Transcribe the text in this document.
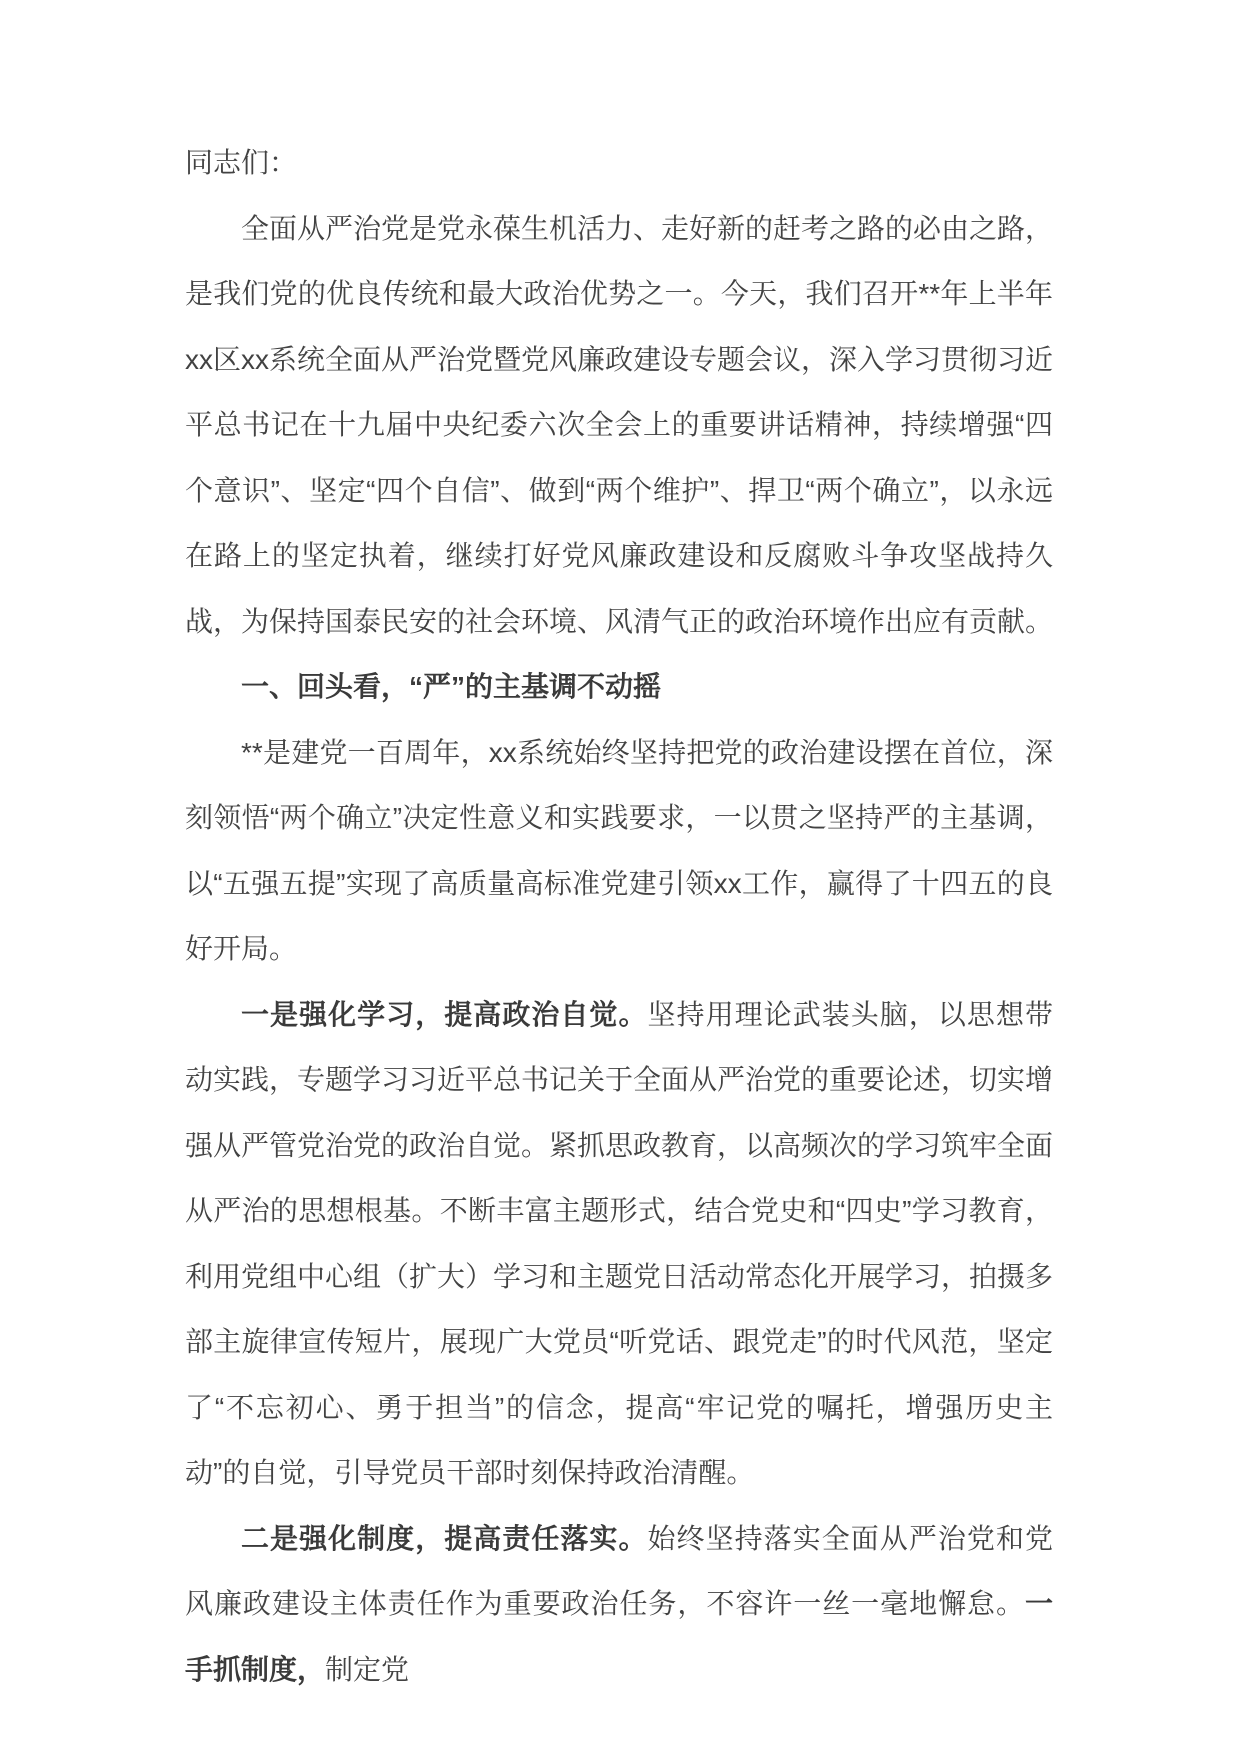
同志们：

全面从严治党是党永葆生机活力、走好新的赶考之路的必由之路，是我们党的优良传统和最大政治优势之一。今天，我们召开**年上半年xx区xx系统全面从严治党暨党风廉政建设专题会议，深入学习贯彻习近平总书记在十九届中央纪委六次全会上的重要讲话精神，持续增强“四个意识”、坚定“四个自信”、做到“两个维护”、捍卫“两个确立”，以永远在路上的坚定执着，继续打好党风廉政建设和反腐败斗争攻坚战持久战，为保持国泰民安的社会环境、风清气正的政治环境作出应有贡献。

一、回头看，“严”的主基调不动摇

**是建党一百周年，xx系统始终坚持把党的政治建设摆在首位，深刻领悟“两个确立”决定性意义和实践要求，一以贯之坚持严的主基调，以“五强五提”实现了高质量高标准党建引领xx工作，赢得了十四五的良好开局。

一是强化学习，提高政治自觉。坚持用理论武装头脑，以思想带动实践，专题学习习近平总书记关于全面从严治党的重要论述，切实增强从严管党治党的政治自觉。紧抓思政教育，以高频次的学习筑牢全面从严治的思想根基。不断丰富主题形式，结合党史和“四史”学习教育，利用党组中心组（扩大）学习和主题党日活动常态化开展学习，拍摄多部主旋律宣传短片，展现广大党员“听党话、跟党走”的时代风范，坚定了“不忘初心、勇于担当”的信念，提高“牢记党的嘱托，增强历史主动”的自觉，引导党员干部时刻保持政治清醒。

二是强化制度，提高责任落实。始终坚持落实全面从严治党和党风廉政建设主体责任作为重要政治任务，不容许一丝一毫地懈怠。一手抓制度，制定党
